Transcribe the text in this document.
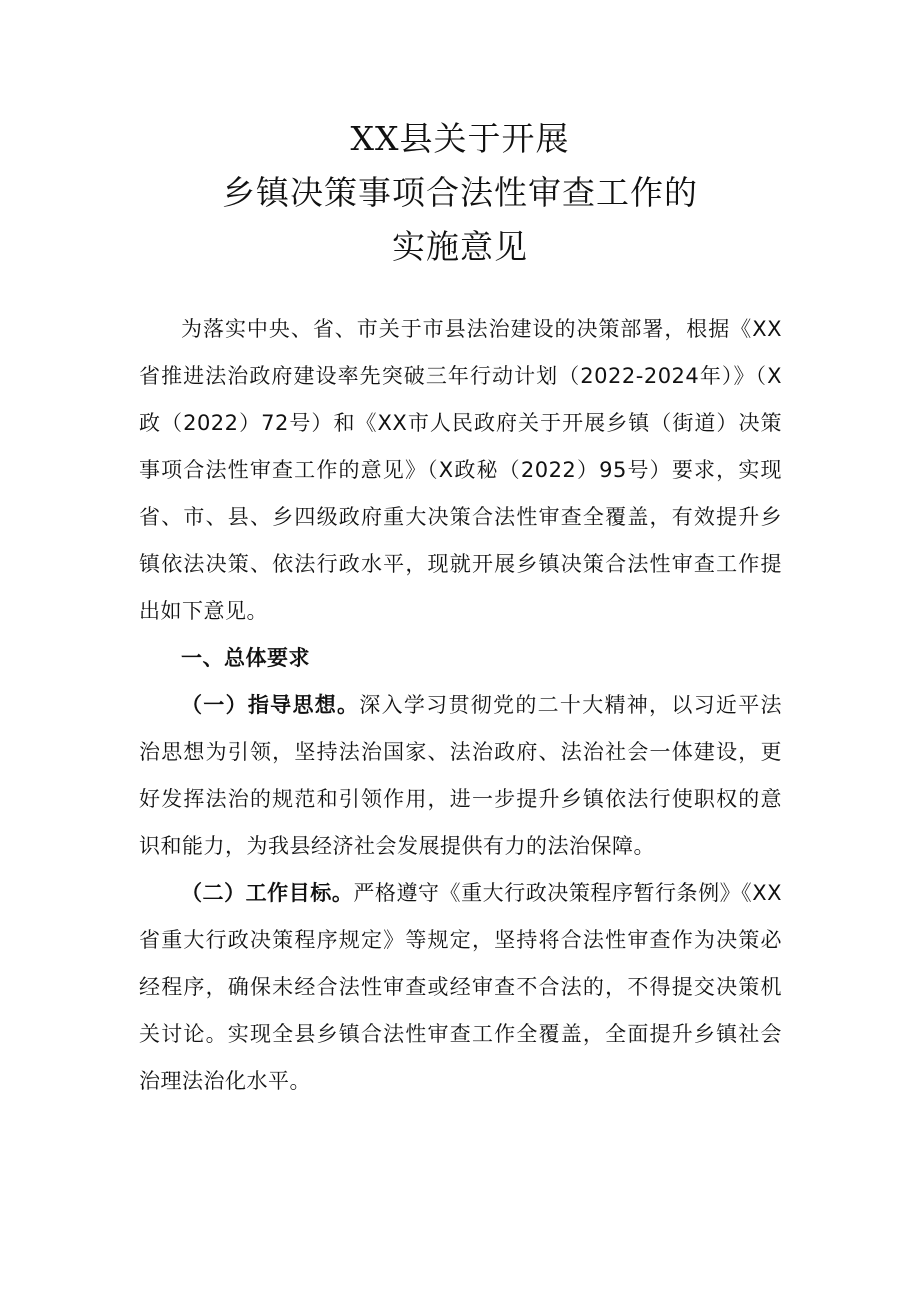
XX县关于开展
乡镇决策事项合法性审查工作的
实施意见

为落实中央、省、市关于市县法治建设的决策部署，根据《XX省推进法治政府建设率先突破三年行动计划（2022-2024年）》（X政（2022）72号）和《XX市人民政府关于开展乡镇（街道）决策事项合法性审查工作的意见》（X政秘（2022）95号）要求，实现省、市、县、乡四级政府重大决策合法性审查全覆盖，有效提升乡镇依法决策、依法行政水平，现就开展乡镇决策合法性审查工作提出如下意见。

一、总体要求

（一）指导思想。深入学习贯彻党的二十大精神，以习近平法治思想为引领，坚持法治国家、法治政府、法治社会一体建设，更好发挥法治的规范和引领作用，进一步提升乡镇依法行使职权的意识和能力，为我县经济社会发展提供有力的法治保障。

（二）工作目标。严格遵守《重大行政决策程序暂行条例》《XX省重大行政决策程序规定》等规定，坚持将合法性审查作为决策必经程序，确保未经合法性审查或经审查不合法的，不得提交决策机关讨论。实现全县乡镇合法性审查工作全覆盖，全面提升乡镇社会治理法治化水平。
